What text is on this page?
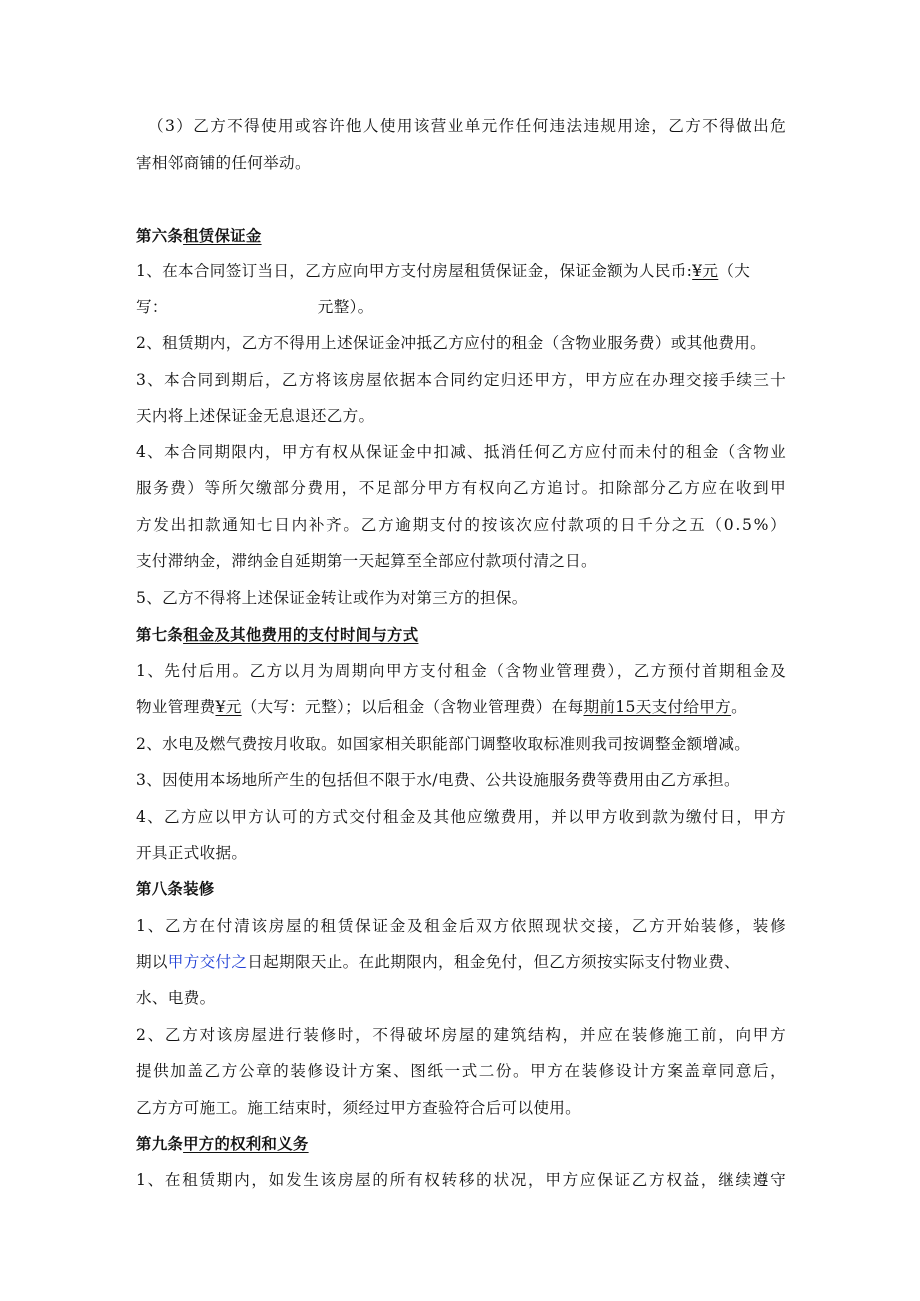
（3）乙方不得使用或容许他人使用该营业单元作任何违法违规用途，乙方不得做出危
害相邻商铺的任何举动。
第六条租赁保证金
1、在本合同签订当日，乙方应向甲方支付房屋租赁保证金，保证金额为人民币:¥元（大
写：	元整）。
2、租赁期内，乙方不得用上述保证金冲抵乙方应付的租金（含物业服务费）或其他费用。
3、本合同到期后，乙方将该房屋依据本合同约定归还甲方，甲方应在办理交接手续三十
天内将上述保证金无息退还乙方。
4、本合同期限内，甲方有权从保证金中扣减、抵消任何乙方应付而未付的租金（含物业
服务费）等所欠缴部分费用，不足部分甲方有权向乙方追讨。扣除部分乙方应在收到甲
方发出扣款通知七日内补齐。乙方逾期支付的按该次应付款项的日千分之五（0.5%）
支付滞纳金，滞纳金自延期第一天起算至全部应付款项付清之日。
5、乙方不得将上述保证金转让或作为对第三方的担保。
第七条租金及其他费用的支付时间与方式
1、先付后用。乙方以月为周期向甲方支付租金（含物业管理费），乙方预付首期租金及
物业管理费¥元（大写：元整）；以后租金（含物业管理费）在每期前15天支付给甲方。
2、水电及燃气费按月收取。如国家相关职能部门调整收取标准则我司按调整金额增减。
3、因使用本场地所产生的包括但不限于水/电费、公共设施服务费等费用由乙方承担。
4、乙方应以甲方认可的方式交付租金及其他应缴费用，并以甲方收到款为缴付日，甲方
开具正式收据。
第八条装修
1、乙方在付清该房屋的租赁保证金及租金后双方依照现状交接，乙方开始装修，装修
期以甲方交付之日起期限天止。在此期限内，租金免付，但乙方须按实际支付物业费、
水、电费。
2、乙方对该房屋进行装修时，不得破坏房屋的建筑结构，并应在装修施工前，向甲方
提供加盖乙方公章的装修设计方案、图纸一式二份。甲方在装修设计方案盖章同意后，
乙方方可施工。施工结束时，须经过甲方查验符合后可以使用。
第九条甲方的权利和义务
1、在租赁期内，如发生该房屋的所有权转移的状况，甲方应保证乙方权益，继续遵守
